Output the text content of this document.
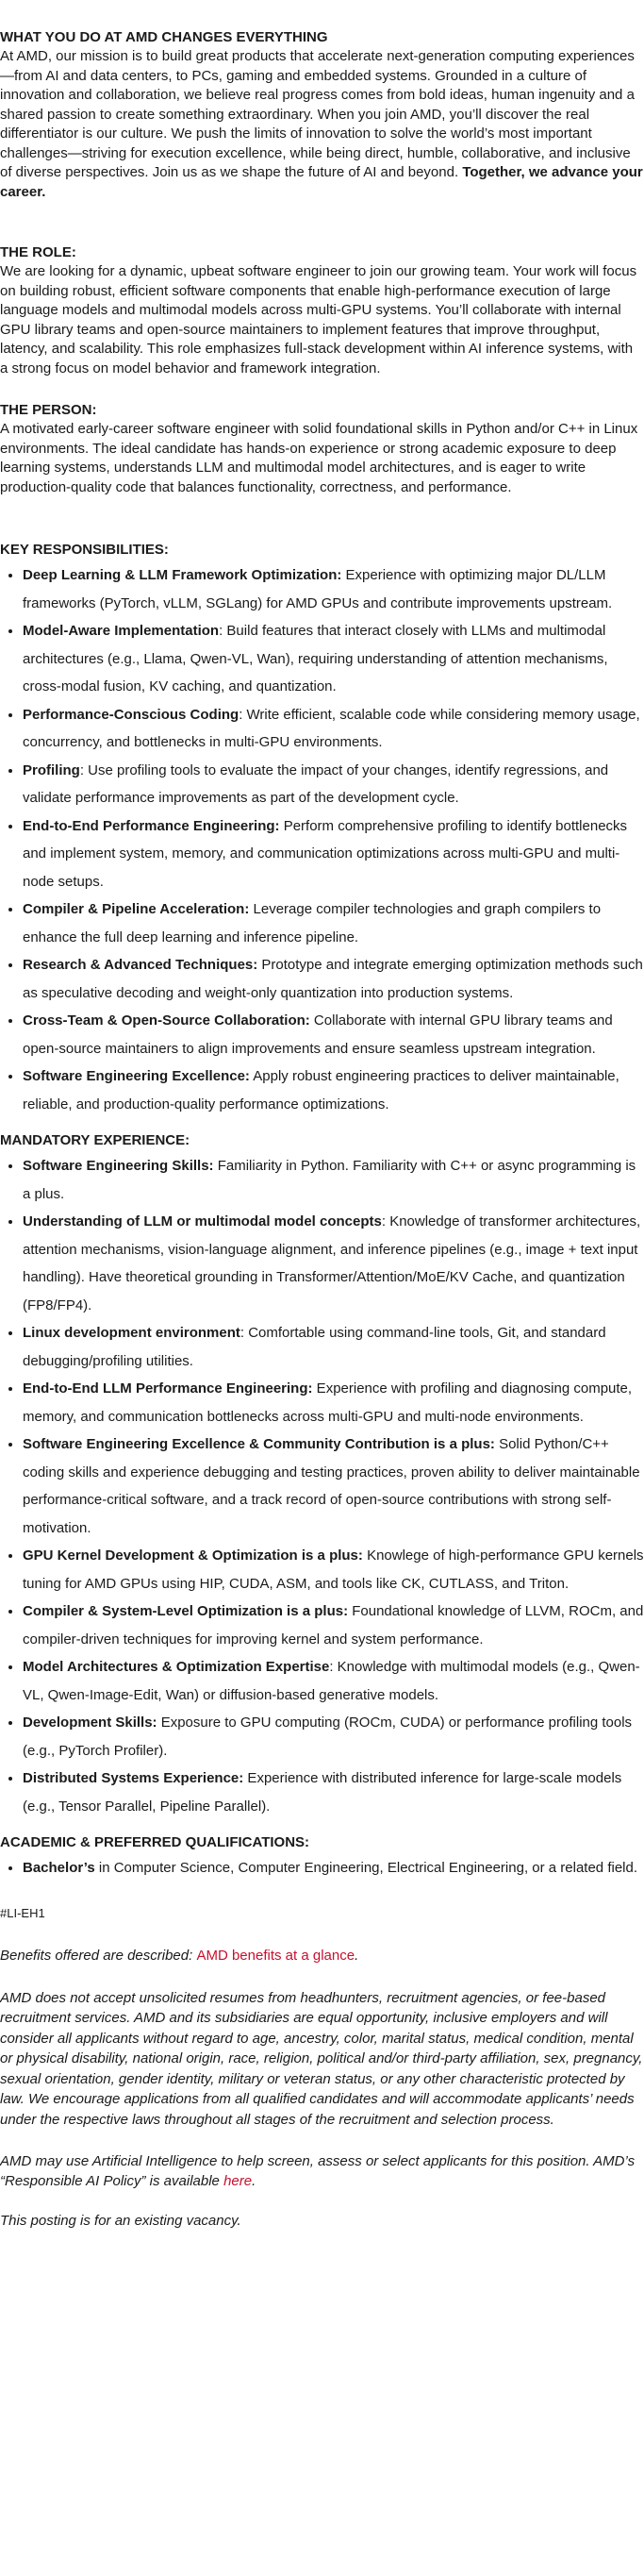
WHAT YOU DO AT AMD CHANGES EVERYTHING

At AMD, our mission is to build great products that accelerate next-generation computing experiences—from AI and data centers, to PCs, gaming and embedded systems. Grounded in a culture of innovation and collaboration, we believe real progress comes from bold ideas, human ingenuity and a shared passion to create something extraordinary. When you join AMD, you’ll discover the real differentiator is our culture. We push the limits of innovation to solve the world’s most important challenges—striving for execution excellence, while being direct, humble, collaborative, and inclusive of diverse perspectives. Join us as we shape the future of AI and beyond. Together, we advance your career.

THE ROLE:

We are looking for a dynamic, upbeat software engineer to join our growing team. Your work will focus on building robust, efficient software components that enable high-performance execution of large language models and multimodal models across multi-GPU systems. You’ll collaborate with internal GPU library teams and open-source maintainers to implement features that improve throughput, latency, and scalability. This role emphasizes full-stack development within AI inference systems, with a strong focus on model behavior and framework integration.

THE PERSON:

A motivated early-career software engineer with solid foundational skills in Python and/or C++ in Linux environments. The ideal candidate has hands-on experience or strong academic exposure to deep learning systems, understands LLM and multimodal model architectures, and is eager to write production-quality code that balances functionality, correctness, and performance.

KEY RESPONSIBILITIES:

• Deep Learning & LLM Framework Optimization: Experience with optimizing major DL/LLM frameworks (PyTorch, vLLM, SGLang) for AMD GPUs and contribute improvements upstream.
• Model-Aware Implementation: Build features that interact closely with LLMs and multimodal architectures (e.g., Llama, Qwen-VL, Wan), requiring understanding of attention mechanisms, cross-modal fusion, KV caching, and quantization.
• Performance-Conscious Coding: Write efficient, scalable code while considering memory usage, concurrency, and bottlenecks in multi-GPU environments.
• Profiling: Use profiling tools to evaluate the impact of your changes, identify regressions, and validate performance improvements as part of the development cycle.
• End-to-End Performance Engineering: Perform comprehensive profiling to identify bottlenecks and implement system, memory, and communication optimizations across multi-GPU and multi-node setups.
• Compiler & Pipeline Acceleration: Leverage compiler technologies and graph compilers to enhance the full deep learning and inference pipeline.
• Research & Advanced Techniques: Prototype and integrate emerging optimization methods such as speculative decoding and weight-only quantization into production systems.
• Cross-Team & Open-Source Collaboration: Collaborate with internal GPU library teams and open-source maintainers to align improvements and ensure seamless upstream integration.
• Software Engineering Excellence: Apply robust engineering practices to deliver maintainable, reliable, and production-quality performance optimizations.

MANDATORY EXPERIENCE:

• Software Engineering Skills: Familiarity in Python. Familiarity with C++ or async programming is a plus.
• Understanding of LLM or multimodal model concepts: Knowledge of transformer architectures, attention mechanisms, vision-language alignment, and inference pipelines (e.g., image + text input handling). Have theoretical grounding in Transformer/Attention/MoE/KV Cache, and quantization (FP8/FP4).
• Linux development environment: Comfortable using command-line tools, Git, and standard debugging/profiling utilities.
• End-to-End LLM Performance Engineering: Experience with profiling and diagnosing compute, memory, and communication bottlenecks across multi-GPU and multi-node environments.
• Software Engineering Excellence & Community Contribution is a plus: Solid Python/C++ coding skills and experience debugging and testing practices, proven ability to deliver maintainable performance-critical software, and a track record of open-source contributions with strong self-motivation.
• GPU Kernel Development & Optimization is a plus: Knowlege of high-performance GPU kernels tuning for AMD GPUs using HIP, CUDA, ASM, and tools like CK, CUTLASS, and Triton.
• Compiler & System-Level Optimization is a plus: Foundational knowledge of LLVM, ROCm, and compiler-driven techniques for improving kernel and system performance.
• Model Architectures & Optimization Expertise: Knowledge with multimodal models (e.g., Qwen-VL, Qwen-Image-Edit, Wan) or diffusion-based generative models.
• Development Skills: Exposure to GPU computing (ROCm, CUDA) or performance profiling tools (e.g., PyTorch Profiler).
• Distributed Systems Experience: Experience with distributed inference for large-scale models (e.g., Tensor Parallel, Pipeline Parallel).

ACADEMIC & PREFERRED QUALIFICATIONS:

• Bachelor’s in Computer Science, Computer Engineering, Electrical Engineering, or a related field.

#LI-EH1

Benefits offered are described: AMD benefits at a glance.

AMD does not accept unsolicited resumes from headhunters, recruitment agencies, or fee-based recruitment services. AMD and its subsidiaries are equal opportunity, inclusive employers and will consider all applicants without regard to age, ancestry, color, marital status, medical condition, mental or physical disability, national origin, race, religion, political and/or third-party affiliation, sex, pregnancy, sexual orientation, gender identity, military or veteran status, or any other characteristic protected by law. We encourage applications from all qualified candidates and will accommodate applicants’ needs under the respective laws throughout all stages of the recruitment and selection process.

AMD may use Artificial Intelligence to help screen, assess or select applicants for this position. AMD’s “Responsible AI Policy” is available here.

This posting is for an existing vacancy.
